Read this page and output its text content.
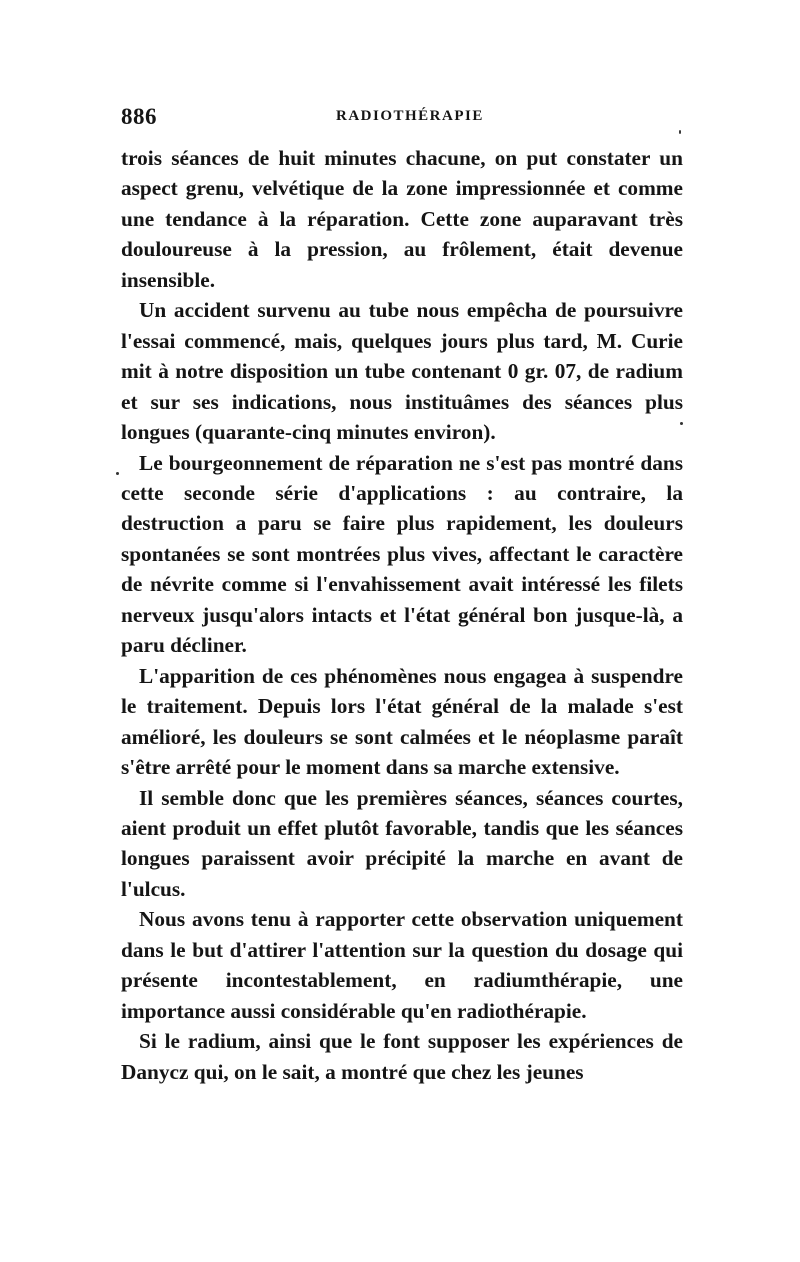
886	RADIOTHÉRAPIE

trois séances de huit minutes chacune, on put constater un aspect grenu, velvétique de la zone impressionnée et comme une tendance à la réparation. Cette zone auparavant très douloureuse à la pression, au frôlement, était devenue insensible.

Un accident survenu au tube nous empêcha de poursuivre l'essai commencé, mais, quelques jours plus tard, M. Curie mit à notre disposition un tube contenant 0 gr. 07, de radium et sur ses indications, nous instituâmes des séances plus longues (quarante-cinq minutes environ).

Le bourgeonnement de réparation ne s'est pas montré dans cette seconde série d'applications : au contraire, la destruction a paru se faire plus rapidement, les douleurs spontanées se sont montrées plus vives, affectant le caractère de névrite comme si l'envahissement avait intéressé les filets nerveux jusqu'alors intacts et l'état général bon jusque-là, a paru décliner.

L'apparition de ces phénomènes nous engagea à suspendre le traitement. Depuis lors l'état général de la malade s'est amélioré, les douleurs se sont calmées et le néoplasme paraît s'être arrêté pour le moment dans sa marche extensive.

Il semble donc que les premières séances, séances courtes, aient produit un effet plutôt favorable, tandis que les séances longues paraissent avoir précipité la marche en avant de l'ulcus.

Nous avons tenu à rapporter cette observation uniquement dans le but d'attirer l'attention sur la question du dosage qui présente incontestablement, en radiumthérapie, une importance aussi considérable qu'en radiothérapie.

Si le radium, ainsi que le font supposer les expériences de Danycz qui, on le sait, a montré que chez les jeunes
